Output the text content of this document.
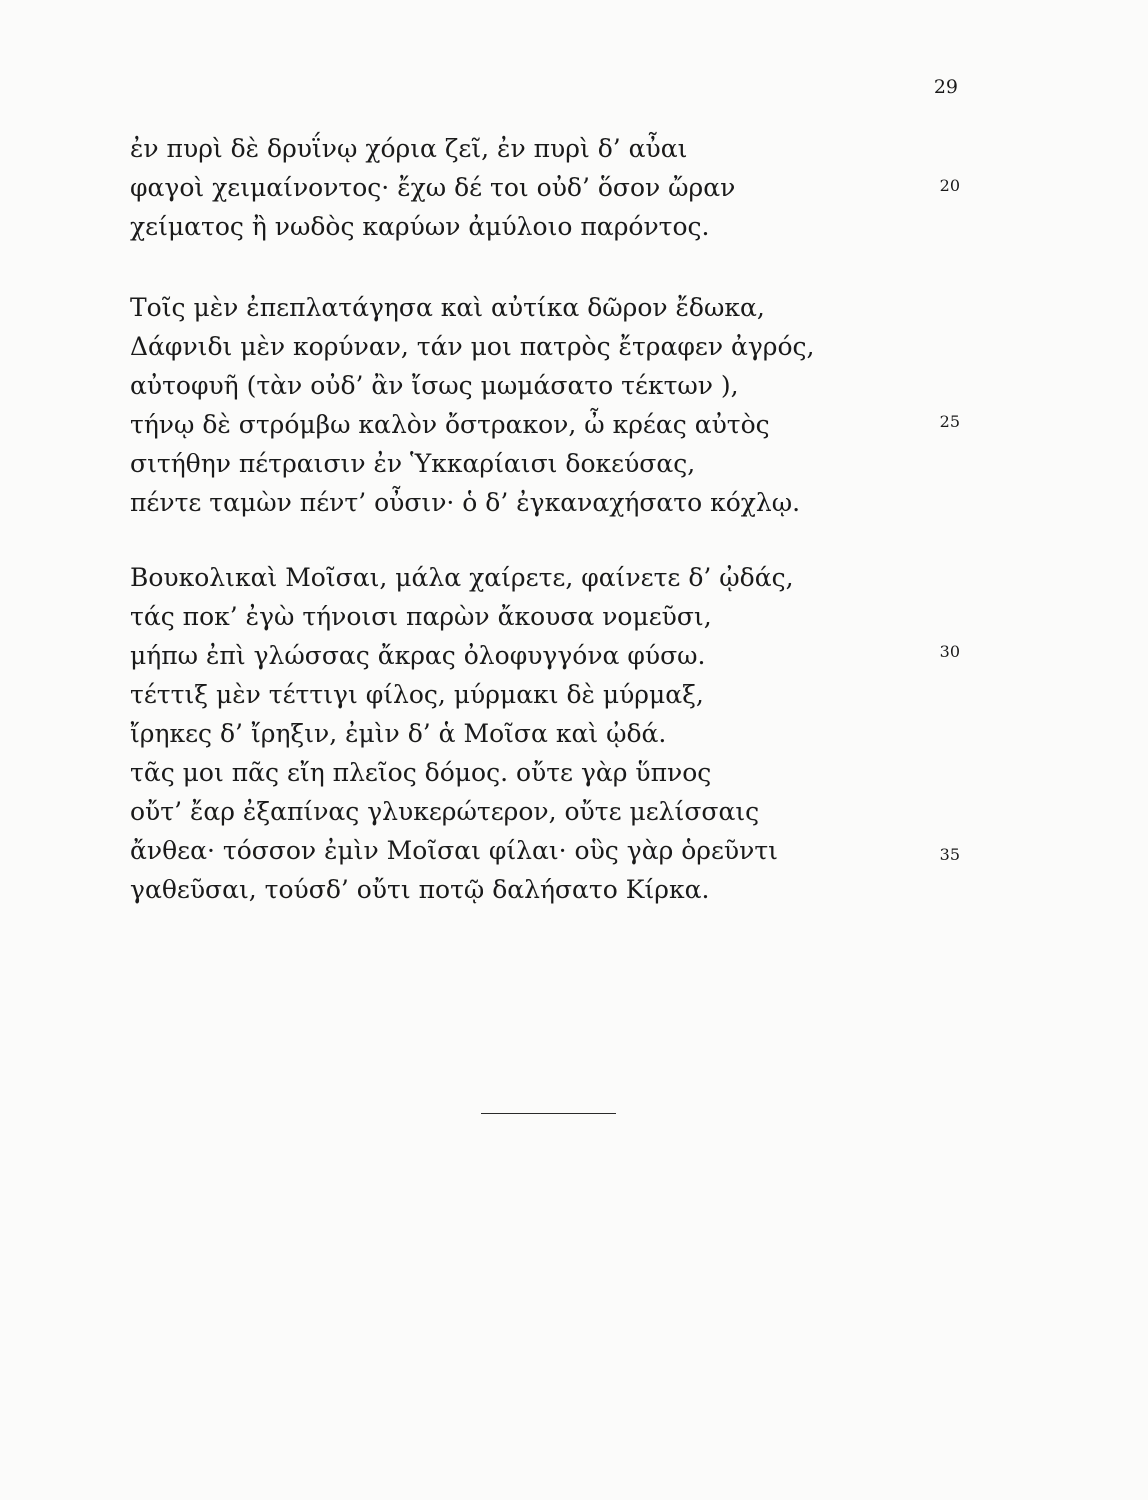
29
ἐν πυρὶ δὲ δρυΐνῳ χόρια ζεῖ, ἐν πυρὶ δ’ αὖαι
φαγοὶ χειμαίνοντος· ἔχω δέ τοι οὐδ’ ὅσον ὤραν
χείματος ἢ νωδὸς καρύων ἀμύλοιο παρόντος.
Τοῖς μὲν ἐπεπλατάγησα καὶ αὐτίκα δῶρον ἔδωκα,
Δάφνιδι μὲν κορύναν, τάν μοι πατρὸς ἔτραφεν ἀγρός,
αὐτοφυῆ (τὰν οὐδ’ ἂν ἴσως μωμάσατο τέκτων ),
τήνῳ δὲ στρόμβω καλὸν ὄστρακον, ὦ κρέας αὐτὸς
σιτήθην πέτραισιν ἐν Ὑκκαρίαισι δοκεύσας,
πέντε ταμὼν πέντ’ οὖσιν· ὁ δ’ ἐγκαναχήσατο κόχλῳ.
Βουκολικαὶ Μοῖσαι, μάλα χαίρετε, φαίνετε δ’ ᾠδάς,
τάς ποκ’ ἐγὼ τήνοισι παρὼν ἄκουσα νομεῦσι,
μήπω ἐπὶ γλώσσας ἄκρας ὀλοφυγγόνα φύσω.
τέττιξ μὲν τέττιγι φίλος, μύρμακι δὲ μύρμαξ,
ἴρηκες δ’ ἴρηξιν, ἐμὶν δ’ ἁ Μοῖσα καὶ ᾠδά.
τᾶς μοι πᾶς εἴη πλεῖος δόμος. οὔτε γὰρ ὕπνος
οὔτ’ ἔαρ ἐξαπίνας γλυκερώτερον, οὔτε μελίσσαις
ἄνθεα· τόσσον ἐμὶν Μοῖσαι φίλαι· οὓς γὰρ ὁρεῦντι
γαθεῦσαι, τούσδ’ οὔτι ποτῷ δαλήσατο Κίρκα.
20
25
30
35
